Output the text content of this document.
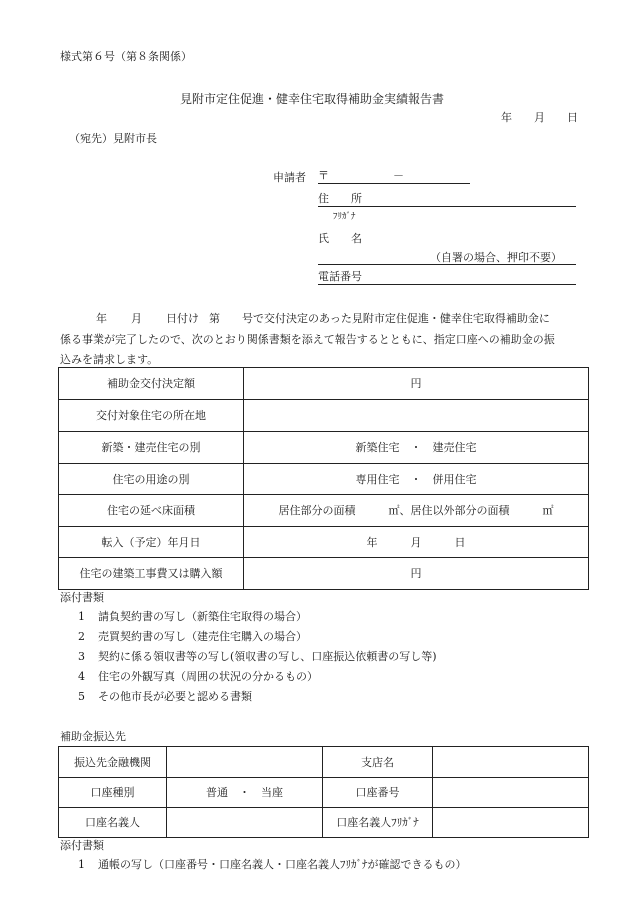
様式第６号（第８条関係）
見附市定住促進・健幸住宅取得補助金実績報告書
年 月 日
（宛先）見附市長
申請者 〒	－
住　　所
ﾌﾘｶﾞﾅ
氏　　名
（自署の場合、押印不要）
電話番号
年 月 日付け 第 号で交付決定のあった見附市定住促進・健幸住宅取得補助金に
係る事業が完了したので、次のとおり関係書類を添えて報告するとともに、指定口座への補助金の振
込みを請求します。
補助金交付決定額	円
交付対象住宅の所在地	
新築・建売住宅の別	新築住宅　・　建売住宅
住宅の用途の別	専用住宅　・　併用住宅
住宅の延べ床面積	居住部分の面積　　　㎡、居住以外部分の面積　　　㎡
転入（予定）年月日	年　　　月　　　日
住宅の建築工事費又は購入額	円
添付書類
1 請負契約書の写し（新築住宅取得の場合）
2 売買契約書の写し（建売住宅購入の場合）
3 契約に係る領収書等の写し(領収書の写し、口座振込依頼書の写し等)
4 住宅の外観写真（周囲の状況の分かるもの）
5 その他市長が必要と認める書類
補助金振込先
振込先金融機関		支店名	
口座種別	普通　・　当座	口座番号	
口座名義人		口座名義人ﾌﾘｶﾞﾅ	
添付書類
1 通帳の写し（口座番号・口座名義人・口座名義人ﾌﾘｶﾞﾅが確認できるもの）
